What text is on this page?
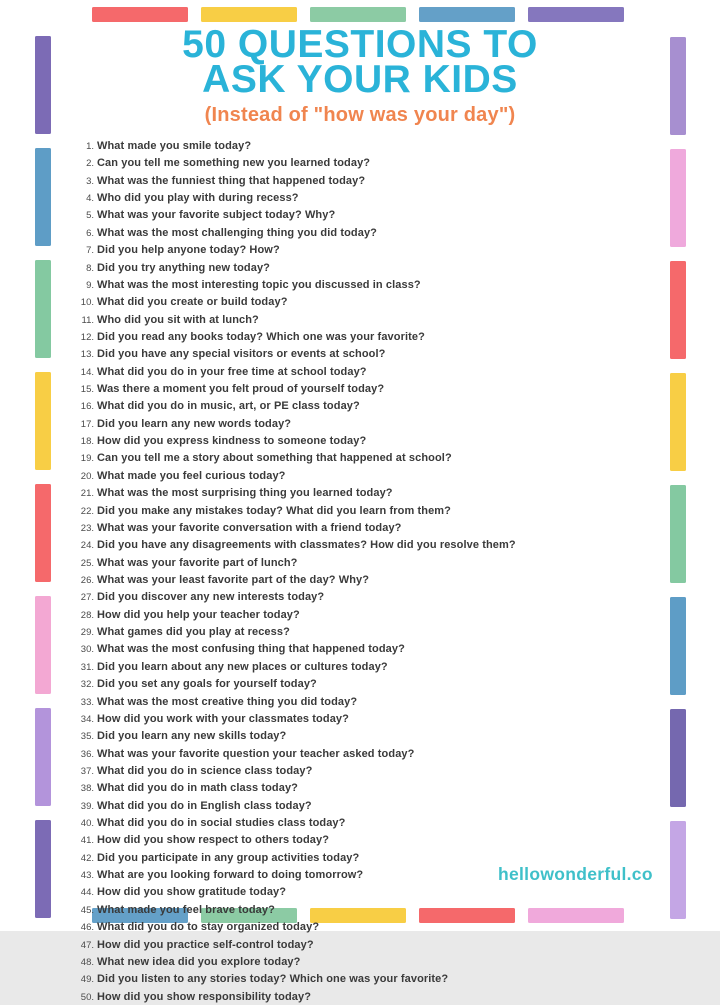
50 QUESTIONS TO
ASK YOUR KIDS
(Instead of "how was your day")
1. What made you smile today?
2. Can you tell me something new you learned today?
3. What was the funniest thing that happened today?
4. Who did you play with during recess?
5. What was your favorite subject today? Why?
6. What was the most challenging thing you did today?
7. Did you help anyone today? How?
8. Did you try anything new today?
9. What was the most interesting topic you discussed in class?
10. What did you create or build today?
11. Who did you sit with at lunch?
12. Did you read any books today? Which one was your favorite?
13. Did you have any special visitors or events at school?
14. What did you do in your free time at school today?
15. Was there a moment you felt proud of yourself today?
16. What did you do in music, art, or PE class today?
17. Did you learn any new words today?
18. How did you express kindness to someone today?
19. Can you tell me a story about something that happened at school?
20. What made you feel curious today?
21. What was the most surprising thing you learned today?
22. Did you make any mistakes today? What did you learn from them?
23. What was your favorite conversation with a friend today?
24. Did you have any disagreements with classmates? How did you resolve them?
25. What was your favorite part of lunch?
26. What was your least favorite part of the day? Why?
27. Did you discover any new interests today?
28. How did you help your teacher today?
29. What games did you play at recess?
30. What was the most confusing thing that happened today?
31. Did you learn about any new places or cultures today?
32. Did you set any goals for yourself today?
33. What was the most creative thing you did today?
34. How did you work with your classmates today?
35. Did you learn any new skills today?
36. What was your favorite question your teacher asked today?
37. What did you do in science class today?
38. What did you do in math class today?
39. What did you do in English class today?
40. What did you do in social studies class today?
41. How did you show respect to others today?
42. Did you participate in any group activities today?
43. What are you looking forward to doing tomorrow?
44. How did you show gratitude today?
45. What made you feel brave today?
46. What did you do to stay organized today?
47. How did you practice self-control today?
48. What new idea did you explore today?
49. Did you listen to any stories today? Which one was your favorite?
50. How did you show responsibility today?
hellowonderful.co
